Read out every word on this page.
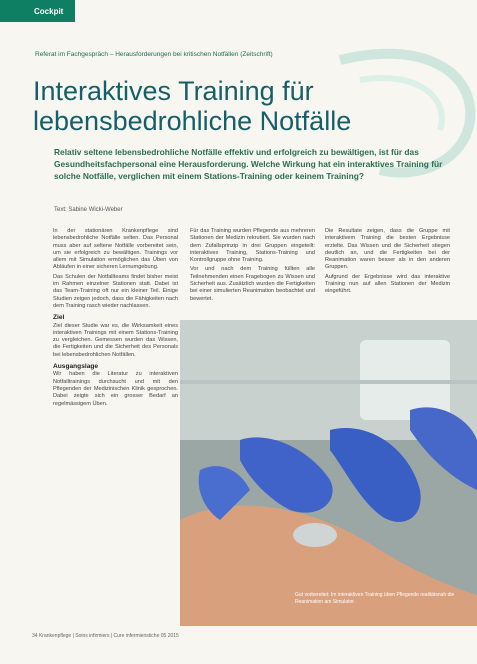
Cockpit
Referat im Fachgespräch – Herausforderungen bei kritischen Notfällen (Zeitschrift)
Interaktives Training für
lebensbedrohliche Notfälle

Relativ seltene lebensbedrohliche Notfälle effektiv und erfolgreich zu bewältigen, ist für das Gesundheitsfachpersonal eine Herausforderung. Welche Wirkung hat ein interaktives Training für solche Notfälle, verglichen mit einem Stations-Training oder keinem Training?

Text: Sabine Wicki-Weber

In der stationären Krankenpflege sind lebensbedrohliche Notfälle selten. Das Personal muss aber auf seltene Notfälle vorbereitet sein, um sie erfolgreich zu bewältigen. Trainings vor allem mit Simulation ermöglichen das Üben von Abläufen in einer sicheren Lernumgebung.

Das Schulen der Notfallteams findet bisher meist im Rahmen einzelner Stationen statt. Dabei ist das Team-Training oft nur ein kleiner Teil. Einige Studien zeigen jedoch, dass die Fähigkeiten nach dem Training rasch wieder nachlassen.

Ziel

Ziel dieser Studie war es, die Wirksamkeit eines interaktiven Trainings mit einem Stations-Training zu vergleichen. Gemessen wurden das Wissen, die Fertigkeiten und die Sicherheit des Personals bei lebensbedrohlichen Notfällen.

Ausgangslage

Wir haben die Literatur zu interaktiven Notfalltrainings durchsucht und mit den Pflegenden der Medizinischen Klinik gesprochen. Dabei zeigte sich ein grosser Bedarf an regelmässigem Üben.

Für das Training wurden Pflegende aus mehreren Stationen der Medizin rekrutiert. Sie wurden nach dem Zufallsprinzip in drei Gruppen eingeteilt: interaktives Training, Stations-Training und Kontrollgruppe ohne Training.

Vor und nach dem Training füllten alle Teilnehmenden einen Fragebogen zu Wissen und Sicherheit aus. Zusätzlich wurden die Fertigkeiten bei einer simulierten Reanimation beobachtet und bewertet.

Die Resultate zeigen, dass die Gruppe mit interaktivem Training die besten Ergebnisse erzielte. Das Wissen und die Sicherheit stiegen deutlich an, und die Fertigkeiten bei der Reanimation waren besser als in den anderen Gruppen.

Aufgrund der Ergebnisse wird das interaktive Training nun auf allen Stationen der Medizin eingeführt.

Gut vorbereitet: Im interaktiven Training üben Pflegende realitätsnah die Reanimation am Simulator.
34 Krankenpflege | Soins infirmiers | Cure infermieristiche 05 2015
